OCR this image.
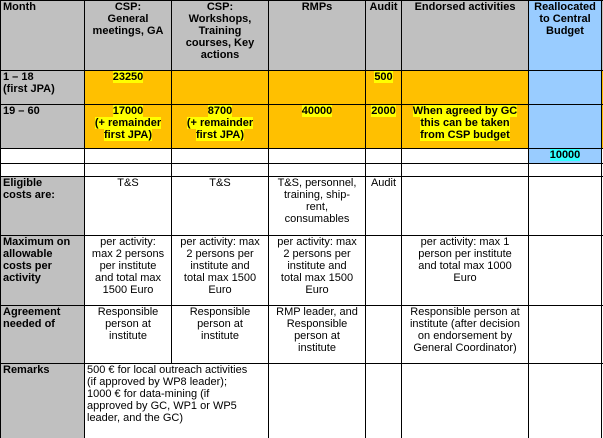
Month	CSP:
General
meetings, GA	CSP:
Workshops,
Training
courses, Key
actions	RMPs	Audit	Endorsed activities	Reallocated
to Central
Budget	
1 – 18
(first JPA)	23250			500			
19 – 60	17000
(+ remainder
first JPA)	8700
(+ remainder
first JPA)	40000	2000	When agreed by GC
this can be taken
from CSP budget		
						10000	

Eligible
costs are:	T&S	T&S	T&S, personnel,
training, ship-
rent,
consumables	Audit			
Maximum on
allowable
costs per
activity	per activity:
max 2 persons
per institute
and total max
1500 Euro	per activity: max
2 persons per
institute and
total max 1500
Euro	per activity: max
2 persons per
institute and
total max 1500
Euro		per activity: max 1
person per institute
and total max 1000
Euro		
Agreement
needed of	Responsible
person at
institute	Responsible
person at
institute	RMP leader, and
Responsible
person at
institute		Responsible person at
institute (after decision
on endorsement by
General Coordinator)		
Remarks	500 € for local outreach activities
(if approved by WP8 leader);
1000 € for data-mining (if
approved by GC, WP1 or WP5
leader, and the GC)						
